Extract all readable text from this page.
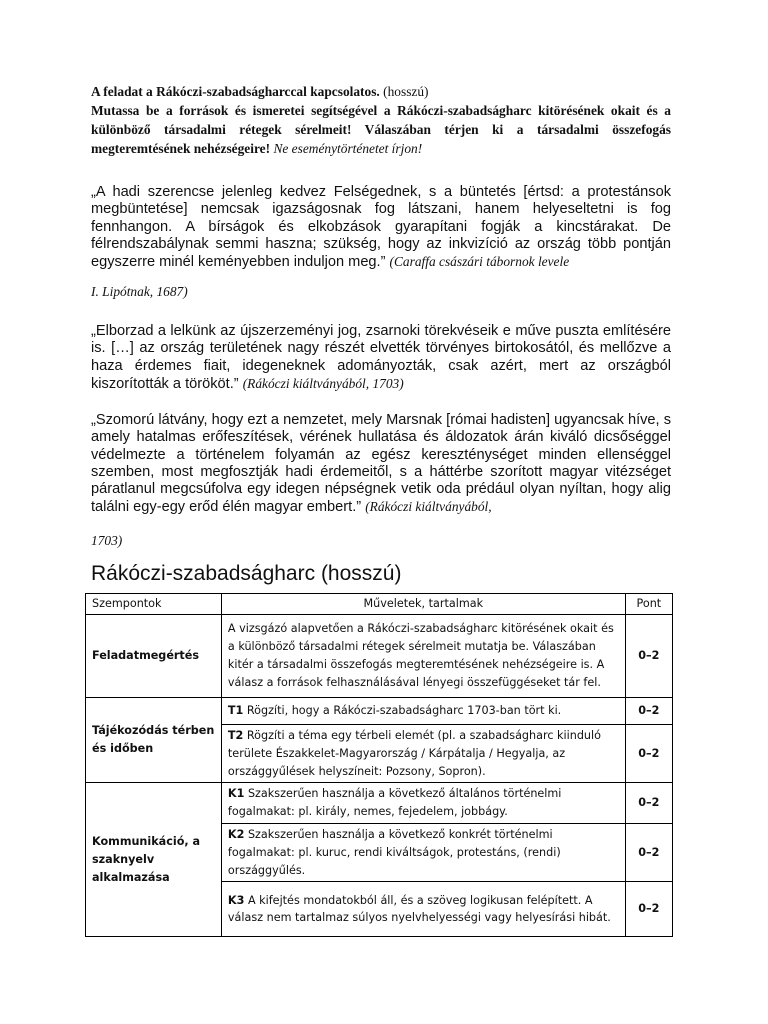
A feladat a Rákóczi-szabadságharccal kapcsolatos. (hosszú)

Mutassa be a források és ismeretei segítségével a Rákóczi-szabadságharc kitörésének okait és a különböző társadalmi rétegek sérelmeit! Válaszában térjen ki a társadalmi összefogás megteremtésének nehézségeire! Ne eseménytörténetet írjon!

„A hadi szerencse jelenleg kedvez Felségednek, s a büntetés [értsd: a protestánsok megbüntetése] nemcsak igazságosnak fog látszani, hanem helyeseltetni is fog fennhangon. A bírságok és elkobzások gyarapítani fogják a kincstárakat. De félrendszabálynak semmi haszna; szükség, hogy az inkvizíció az ország több pontján egyszerre minél keményebben induljon meg.” (Caraffa császári tábornok levele

I. Lipótnak, 1687)

„Elborzad a lelkünk az újszerzeményi jog, zsarnoki törekvéseik e műve puszta említésére is. […] az ország területének nagy részét elvették törvényes birtokosától, és mellőzve a haza érdemes fiait, idegeneknek adományozták, csak azért, mert az országból kiszorították a törököt.” (Rákóczi kiáltványából, 1703)

„Szomorú látvány, hogy ezt a nemzetet, mely Marsnak [római hadisten] ugyancsak híve, s amely hatalmas erőfeszítések, vérének hullatása és áldozatok árán kiváló dicsőséggel védelmezte a történelem folyamán az egész kereszténységet minden ellenséggel szemben, most megfosztják hadi érdemeitől, s a háttérbe szorított magyar vitézséget páratlanul megcsúfolva egy idegen népségnek vetik oda prédául olyan nyíltan, hogy alig találni egy-egy erőd élén magyar embert.” (Rákóczi kiáltványából,

1703)

Rákóczi-szabadságharc (hosszú)
Szempontok	Műveletek, tartalmak	Pont
Feladatmegértés	A vizsgázó alapvetően a Rákóczi-szabadságharc kitörésének okait és a különböző társadalmi rétegek sérelmeit mutatja be. Válaszában kitér a társadalmi összefogás megteremtésének nehézségeire is. A válasz a források felhasználásával lényegi összefüggéseket tár fel.	0–2
Tájékozódás térben és időben	T1 Rögzíti, hogy a Rákóczi-szabadságharc 1703-ban tört ki.	0–2
	T2 Rögzíti a téma egy térbeli elemét (pl. a szabadságharc kiinduló területe Északkelet-Magyarország / Kárpátalja / Hegyalja, az országgyűlések helyszíneit: Pozsony, Sopron).	0–2
Kommunikáció, a szaknyelv alkalmazása	K1 Szakszerűen használja a következő általános történelmi fogalmakat: pl. király, nemes, fejedelem, jobbágy.	0–2
	K2 Szakszerűen használja a következő konkrét történelmi fogalmakat: pl. kuruc, rendi kiváltságok, protestáns, (rendi) országgyűlés.	0–2
	K3 A kifejtés mondatokból áll, és a szöveg logikusan felépített. A válasz nem tartalmaz súlyos nyelvhelyességi vagy helyesírási hibát.	0–2
